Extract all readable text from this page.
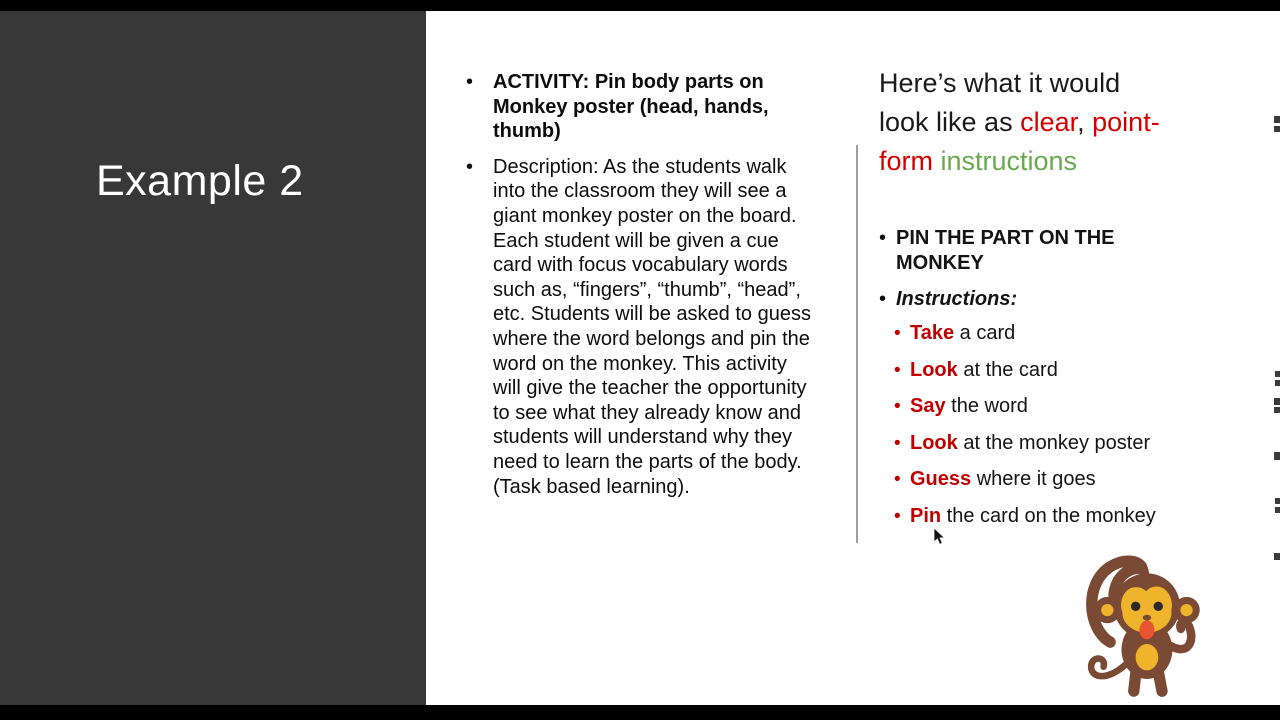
Example 2
• ACTIVITY: Pin body parts on Monkey poster (head, hands, thumb)
• Description: As the students walk into the classroom they will see a giant monkey poster on the board. Each student will be given a cue card with focus vocabulary words such as, “fingers”, “thumb”, “head”, etc. Students will be asked to guess where the word belongs and pin the word on the monkey. This activity will give the teacher the opportunity to see what they already know and students will understand why they need to learn the parts of the body. (Task based learning).
Here’s what it would
look like as clear, point-
form instructions
• PIN THE PART ON THE MONKEY
• Instructions:
• Take a card
• Look at the card
• Say the word
• Look at the monkey poster
• Guess where it goes
• Pin the card on the monkey
